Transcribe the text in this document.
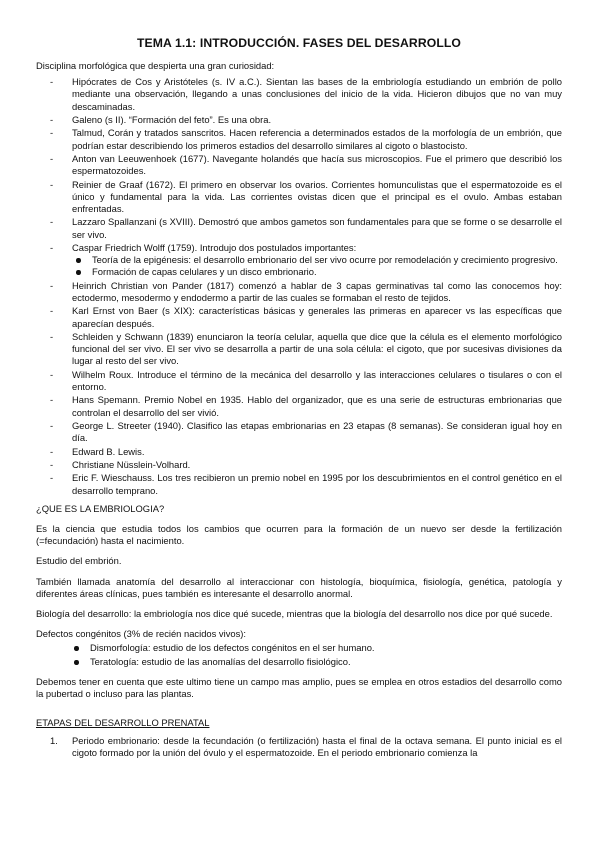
TEMA 1.1: INTRODUCCIÓN. FASES DEL DESARROLLO

Disciplina morfológica que despierta una gran curiosidad:

- Hipócrates de Cos y Aristóteles (s. IV a.C.). Sientan las bases de la embriología estudiando un embrión de pollo mediante una observación, llegando a unas conclusiones del inicio de la vida. Hicieron dibujos que no van muy descaminadas.
- Galeno (s II). “Formación del feto”. Es una obra.
- Talmud, Corán y tratados sanscritos. Hacen referencia a determinados estados de la morfología de un embrión, que podrían estar describiendo los primeros estadios del desarrollo similares al cigoto o blastocisto.
- Anton van Leeuwenhoek (1677). Navegante holandés que hacía sus microscopios. Fue el primero que describió los espermatozoides.
- Reinier de Graaf (1672). El primero en observar los ovarios. Corrientes homunculistas que el espermatozoide es el único y fundamental para la vida. Las corrientes ovistas dicen que el principal es el ovulo. Ambas estaban enfrentadas.
- Lazzaro Spallanzani (s XVIII). Demostró que ambos gametos son fundamentales para que se forme o se desarrolle el ser vivo.
- Caspar Friedrich Wolff (1759). Introdujo dos postulados importantes:
Teoría de la epigénesis: el desarrollo embrionario del ser vivo ocurre por remodelación y crecimiento progresivo.
Formación de capas celulares y un disco embrionario.
- Heinrich Christian von Pander (1817) comenzó a hablar de 3 capas germinativas tal como las conocemos hoy: ectodermo, mesodermo y endodermo a partir de las cuales se formaban el resto de tejidos.
- Karl Ernst von Baer (s XIX): características básicas y generales las primeras en aparecer vs las específicas que aparecían después.
- Schleiden y Schwann (1839) enunciaron la teoría celular, aquella que dice que la célula es el elemento morfológico funcional del ser vivo. El ser vivo se desarrolla a partir de una sola célula: el cigoto, que por sucesivas divisiones da lugar al resto del ser vivo.
- Wilhelm Roux. Introduce el término de la mecánica del desarrollo y las interacciones celulares o tisulares o con el entorno.
- Hans Spemann. Premio Nobel en 1935. Hablo del organizador, que es una serie de estructuras embrionarias que controlan el desarrollo del ser vivió.
- George L. Streeter (1940). Clasifico las etapas embrionarias en 23 etapas (8 semanas). Se consideran igual hoy en día.
- Edward B. Lewis.
- Christiane Nüsslein-Volhard.
- Eric F. Wieschauss. Los tres recibieron un premio nobel en 1995 por los descubrimientos en el control genético en el desarrollo temprano.

¿QUE ES LA EMBRIOLOGIA?

Es la ciencia que estudia todos los cambios que ocurren para la formación de un nuevo ser desde la fertilización (=fecundación) hasta el nacimiento.

Estudio del embrión.

También llamada anatomía del desarrollo al interaccionar con histología, bioquímica, fisiología, genética, patología y diferentes áreas clínicas, pues también es interesante el desarrollo anormal.

Biología del desarrollo: la embriología nos dice qué sucede, mientras que la biología del desarrollo nos dice por qué sucede.

Defectos congénitos (3% de recién nacidos vivos):

Dismorfología: estudio de los defectos congénitos en el ser humano.
Teratología: estudio de las anomalías del desarrollo fisiológico.

Debemos tener en cuenta que este ultimo tiene un campo mas amplio, pues se emplea en otros estadios del desarrollo como la pubertad o incluso para las plantas.

ETAPAS DEL DESARROLLO PRENATAL
1. Periodo embrionario: desde la fecundación (o fertilización) hasta el final de la octava semana. El punto inicial es el cigoto formado por la unión del óvulo y el espermatozoide. En el periodo embrionario comienza la
